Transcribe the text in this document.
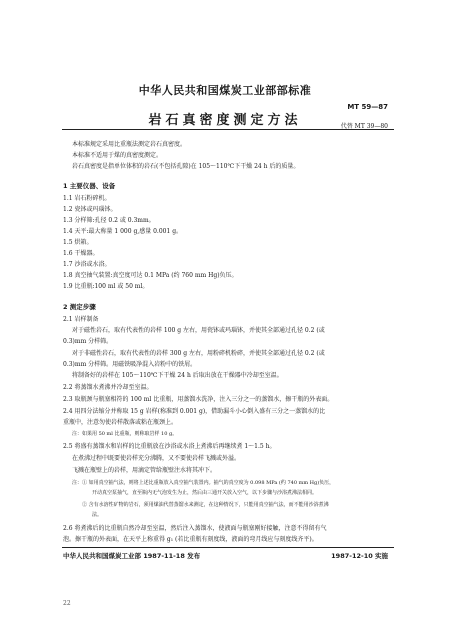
中华人民共和国煤炭工业部部标准
MT 59—87
岩石真密度测定方法	代替 MT 39—80
本标准规定采用比重瓶法测定岩石真密度。
本标准不适用于煤的真密度测定。
岩石真密度是指单位体积的岩石(不包括孔隙)在 105～110℃下干燥 24 h 后的质量。
1 主要仪器、设备
1.1 岩石粉碎机。
1.2 瓷钵或玛瑙钵。
1.3 分样筛:孔径 0.2 或 0.3mm。
1.4 天平:最大称量 1 000 g,感量 0.001 g。
1.5 烘箱。
1.6 干燥器。
1.7 沙浴或水浴。
1.8 真空抽气装置:真空度可达 0.1 MPa (约 760 mm Hg)负压。
1.9 比重瓶:100 ml 或 50 ml。
2 测定步骤
2.1 岩样制备
对于磁性岩石，取有代表性的岩样 100 g 左右，用瓷钵或玛瑙钵，并使其全部通过孔径 0.2 (或
0.3)mm 分样筛。
对于非磁性岩石，取有代表性的岩样 300 g 左右，用粉碎机粉碎，并使其全部通过孔径 0.2 (或
0.3)mm 分样筛。用磁铁吸净混入岩粉中的铁屑。
将制备好的岩样在 105～110℃下干燥 24 h 后取出放在干燥器中冷却至室温。
2.2 将蒸馏水煮沸并冷却至室温。
2.3 取瓶颈与瓶塞相符的 100 ml 比重瓶，用蒸馏水洗净，注入三分之一的蒸馏水，擦干瓶的外表面。
2.4 用四分法缩分并称取 15 g 岩样(称准到 0.001 g)，借助漏斗小心倒入盛有三分之一蒸馏水的比
重瓶中，注意勿使岩样散落或粘在瓶颈上。
注：如果用 50 ml 比重瓶，则称取岩样 10 g。
2.5 将盛有蒸馏水和岩样的比重瓶放在沙浴或水浴上煮沸后再继续煮 1～1.5 h。
在煮沸过程中既要使岩样充分沸腾，又不要使岩样飞溅或外溢。
飞溅在瓶壁上的岩样，用滴定管给瓶壁注水将其冲下。
注：① 如用真空抽气法，则将上述比重瓶放入真空抽气装置内。抽气的真空度为 0.098 MPa (约 740 mm Hg)负压，
开动真空泵抽气，直至瓶内无气泡发生为止，然后由三通开关放入空气，以下步骤与沙浴煮沸法相同。
② 含有水溶性矿物的岩石，须用煤油代替蒸馏水来测定，在这种情况下，只能用真空抽气法，而不能用沙浴煮沸
法。
2.6 将煮沸后的比重瓶自然冷却至室温，然后注入蒸馏水，使液面与瓶塞刚好接触，注意不得留有气
泡。擦干瓶的外表面，在天平上称重得 g₁ (若比重瓶有刻度线，液面的弯月线应与刻度线齐平)。
中华人民共和国煤炭工业部 1987-11-18 发布	1987-12-10 实施
22
